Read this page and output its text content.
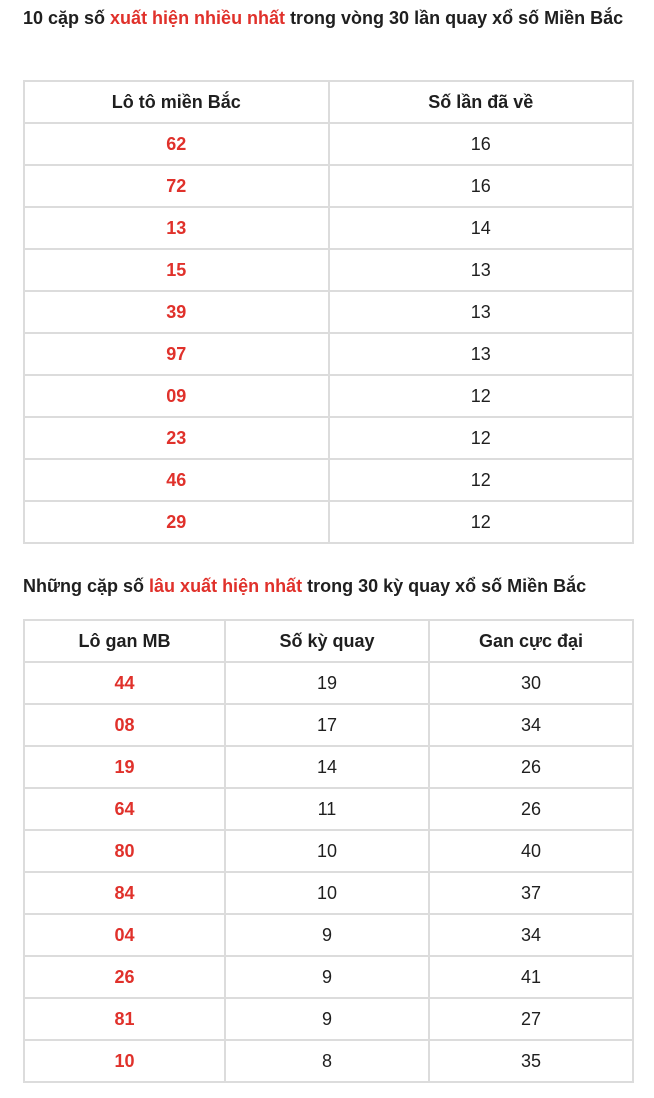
10 cặp số xuất hiện nhiều nhất trong vòng 30 lần quay xổ số Miền Bắc
Lô tô miền Bắc	Số lần đã về
62	16
72	16
13	14
15	13
39	13
97	13
09	12
23	12
46	12
29	12
Những cặp số lâu xuất hiện nhất trong 30 kỳ quay xổ số Miền Bắc
Lô gan MB	Số kỳ quay	Gan cực đại
44	19	30
08	17	34
19	14	26
64	11	26
80	10	40
84	10	37
04	9	34
26	9	41
81	9	27
10	8	35
